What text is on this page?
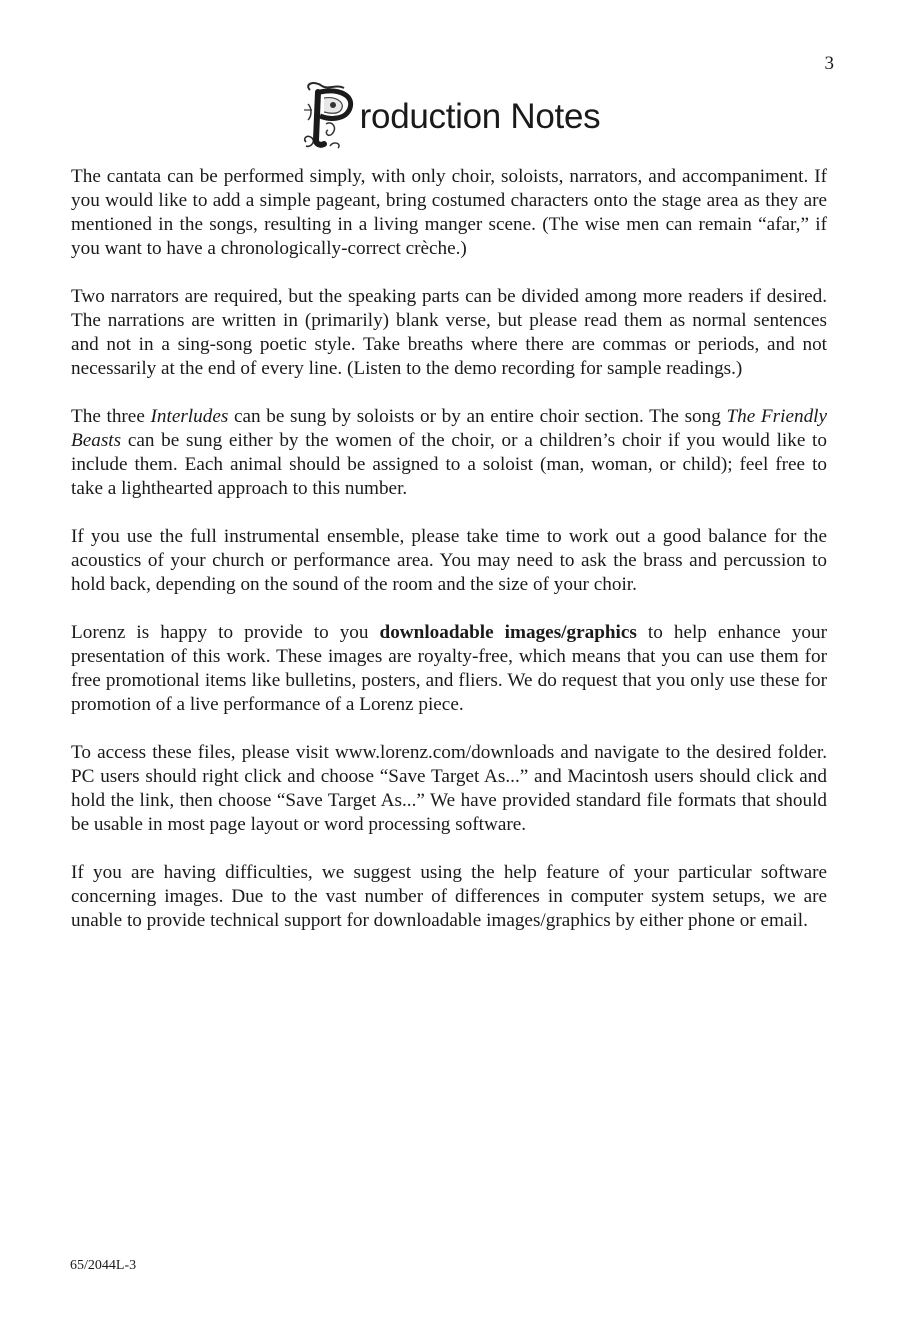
3
roduction Notes

The cantata can be performed simply, with only choir, soloists, narrators, and accompaniment. If you would like to add a simple pageant, bring costumed characters onto the stage area as they are mentioned in the songs, resulting in a living manger scene. (The wise men can remain “afar,” if you want to have a chronologically-correct crèche.)

Two narrators are required, but the speaking parts can be divided among more readers if desired. The narrations are written in (primarily) blank verse, but please read them as normal sentences and not in a sing-song poetic style. Take breaths where there are commas or periods, and not necessarily at the end of every line. (Listen to the demo recording for sample readings.)

The three Interludes can be sung by soloists or by an entire choir section. The song The Friendly Beasts can be sung either by the women of the choir, or a children’s choir if you would like to include them. Each animal should be assigned to a soloist (man, woman, or child); feel free to take a lighthearted approach to this number.

If you use the full instrumental ensemble, please take time to work out a good balance for the acoustics of your church or performance area. You may need to ask the brass and percussion to hold back, depending on the sound of the room and the size of your choir.

Lorenz is happy to provide to you downloadable images/graphics to help enhance your presentation of this work. These images are royalty-free, which means that you can use them for free promotional items like bulletins, posters, and fliers. We do request that you only use these for promotion of a live performance of a Lorenz piece.

To access these files, please visit www.lorenz.com/downloads and navigate to the desired folder. PC users should right click and choose “Save Target As...” and Macintosh users should click and hold the link, then choose “Save Target As...” We have provided standard file formats that should be usable in most page layout or word processing software.

If you are having difficulties, we suggest using the help feature of your particular software concerning images. Due to the vast number of differences in computer system setups, we are unable to provide technical support for downloadable images/graphics by either phone or email.

65/2044L-3
